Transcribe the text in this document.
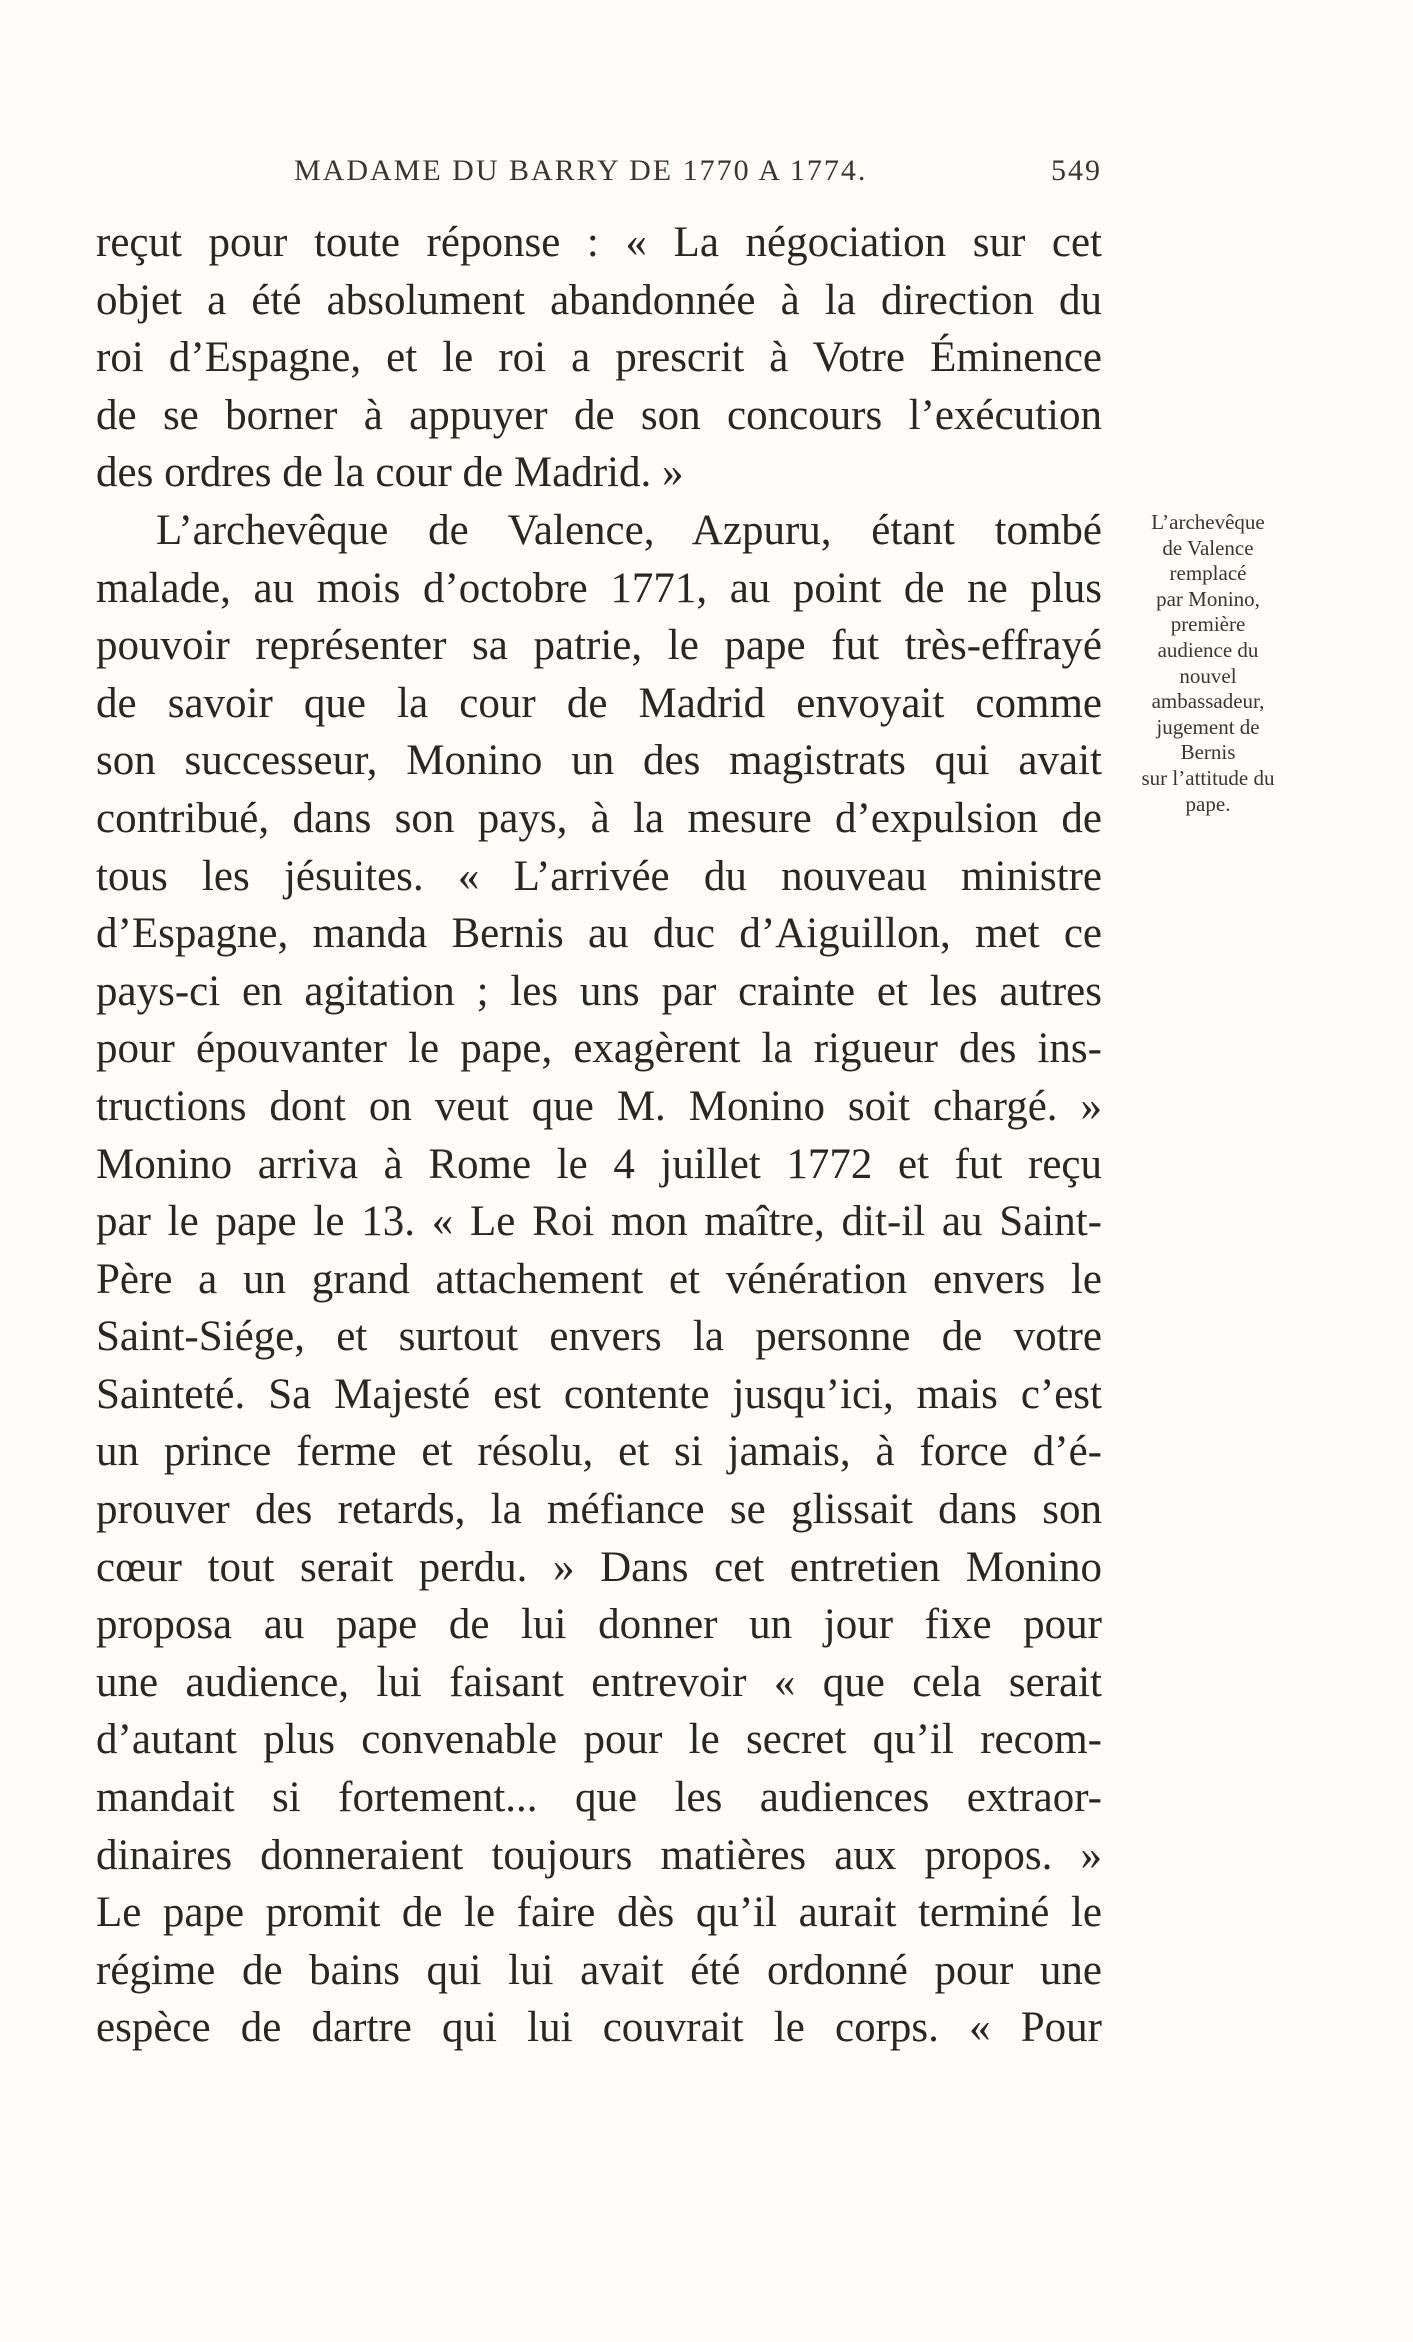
MADAME DU BARRY DE 1770 A 1774.	549
reçut pour toute réponse : « La négociation sur cet
objet a été absolument abandonnée à la direction du
roi d’Espagne, et le roi a prescrit à Votre Éminence
de se borner à appuyer de son concours l’exécution
des ordres de la cour de Madrid. »
L’archevêque de Valence, Azpuru, étant tombé
malade, au mois d’octobre 1771, au point de ne plus
pouvoir représenter sa patrie, le pape fut très-effrayé
de savoir que la cour de Madrid envoyait comme
son successeur, Monino un des magistrats qui avait
contribué, dans son pays, à la mesure d’expulsion de
tous les jésuites. « L’arrivée du nouveau ministre
d’Espagne, manda Bernis au duc d’Aiguillon, met ce
pays-ci en agitation ; les uns par crainte et les autres
pour épouvanter le pape, exagèrent la rigueur des ins-
tructions dont on veut que M. Monino soit chargé. »
Monino arriva à Rome le 4 juillet 1772 et fut reçu
par le pape le 13. « Le Roi mon maître, dit-il au Saint-
Père a un grand attachement et vénération envers le
Saint-Siége, et surtout envers la personne de votre
Sainteté. Sa Majesté est contente jusqu’ici, mais c’est
un prince ferme et résolu, et si jamais, à force d’é-
prouver des retards, la méfiance se glissait dans son
cœur tout serait perdu. » Dans cet entretien Monino
proposa au pape de lui donner un jour fixe pour
une audience, lui faisant entrevoir « que cela serait
d’autant plus convenable pour le secret qu’il recom-
mandait si fortement... que les audiences extraor-
dinaires donneraient toujours matières aux propos. »
Le pape promit de le faire dès qu’il aurait terminé le
régime de bains qui lui avait été ordonné pour une
espèce de dartre qui lui couvrait le corps. « Pour
L’archevêque
de Valence
remplacé
par Monino,
première
audience du
nouvel
ambassadeur,
jugement de
Bernis
sur l’attitude du
pape.
